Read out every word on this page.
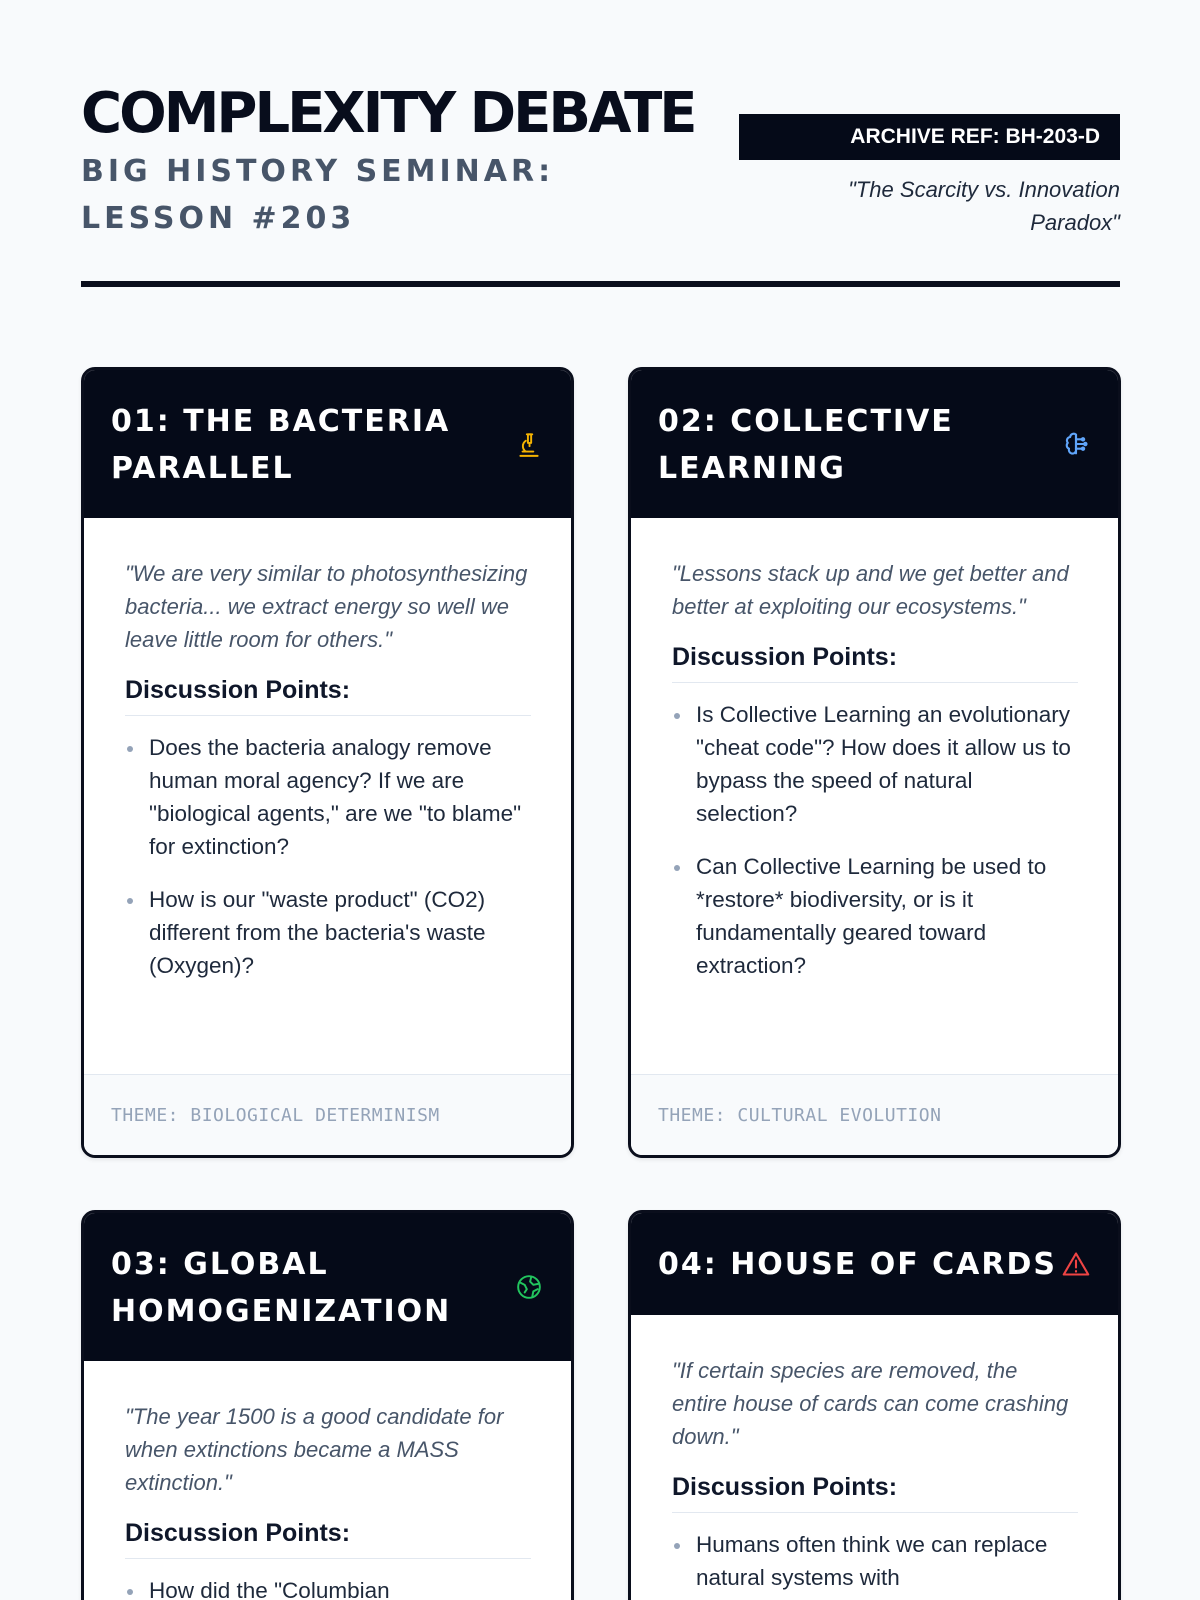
COMPLEXITY DEBATE
BIG HISTORY SEMINAR: LESSON #203
ARCHIVE REF: BH-203-D
"The Scarcity vs. Innovation Paradox"
01: THE BACTERIA PARALLEL
"We are very similar to photosynthesizing bacteria... we extract energy so well we leave little room for others."
Discussion Points:
Does the bacteria analogy remove human moral agency? If we are "biological agents," are we "to blame" for extinction?
How is our "waste product" (CO2) different from the bacteria's waste (Oxygen)?
THEME: BIOLOGICAL DETERMINISM
02: COLLECTIVE LEARNING
"Lessons stack up and we get better and better at exploiting our ecosystems."
Discussion Points:
Is Collective Learning an evolutionary "cheat code"? How does it allow us to bypass the speed of natural selection?
Can Collective Learning be used to *restore* biodiversity, or is it fundamentally geared toward extraction?
THEME: CULTURAL EVOLUTION
03: GLOBAL HOMOGENIZATION
"The year 1500 is a good candidate for when extinctions became a MASS extinction."
Discussion Points:
How did the "Columbian
04: HOUSE OF CARDS
"If certain species are removed, the entire house of cards can come crashing down."
Discussion Points:
Humans often think we can replace natural systems with
